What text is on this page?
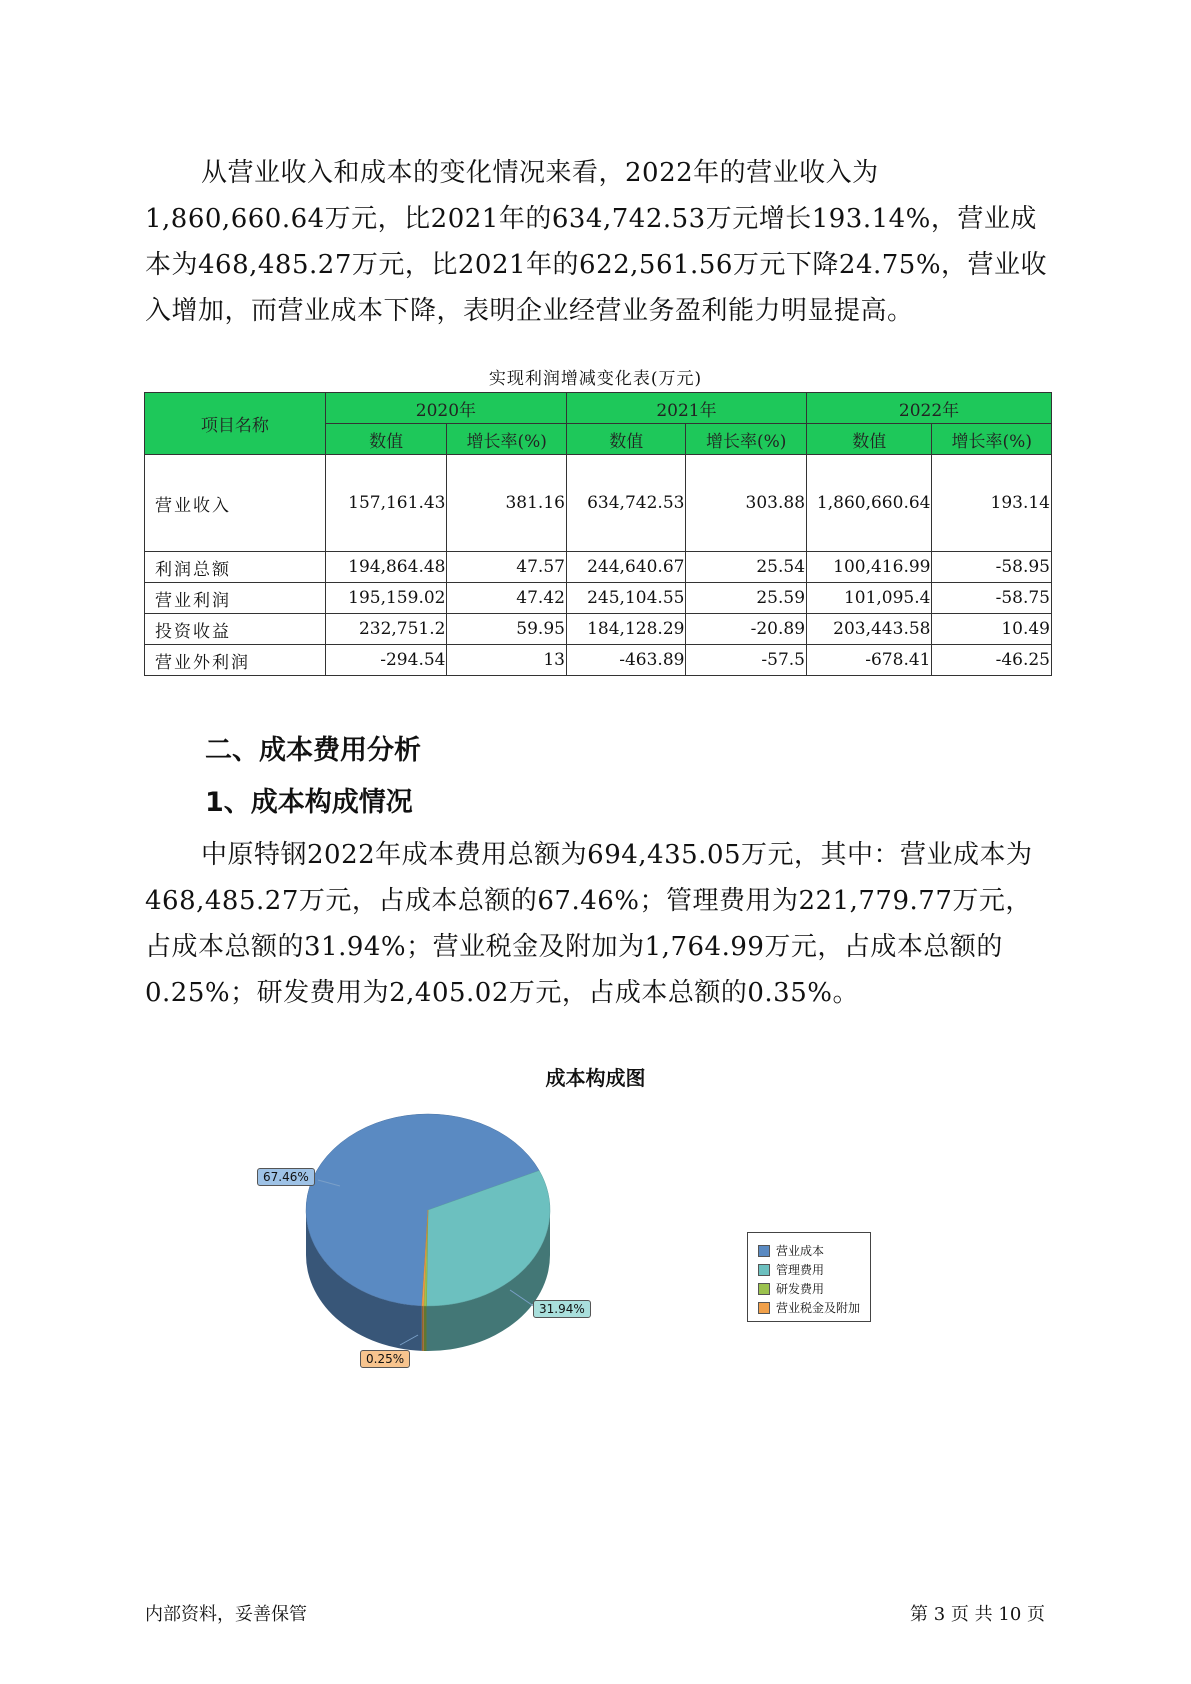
从营业收入和成本的变化情况来看，2022年的营业收入为1,860,660.64万元，比2021年的634,742.53万元增长193.14%，营业成本为468,485.27万元，比2021年的622,561.56万元下降24.75%，营业收入增加，而营业成本下降，表明企业经营业务盈利能力明显提高。
实现利润增减变化表(万元)
项目名称	2020年		2021年		2022年	
	数值	增长率(%)	数值	增长率(%)	数值	增长率(%)
营业收入	157,161.43	381.16	634,742.53	303.88	1,860,660.64	193.14
利润总额	194,864.48	47.57	244,640.67	25.54	100,416.99	-58.95
营业利润	195,159.02	47.42	245,104.55	25.59	101,095.4	-58.75
投资收益	232,751.2	59.95	184,128.29	-20.89	203,443.58	10.49
营业外利润	-294.54	13	-463.89	-57.5	-678.41	-46.25
二、成本费用分析
1、成本构成情况
中原特钢2022年成本费用总额为694,435.05万元，其中：营业成本为468,485.27万元，占成本总额的67.46%；管理费用为221,779.77万元，占成本总额的31.94%；营业税金及附加为1,764.99万元，占成本总额的0.25%；研发费用为2,405.02万元，占成本总额的0.35%。
成本构成图
营业成本
管理费用
研发费用
营业税金及附加
67.46%
31.94%
0.25%
内部资料，妥善保管	第 3 页 共 10 页
